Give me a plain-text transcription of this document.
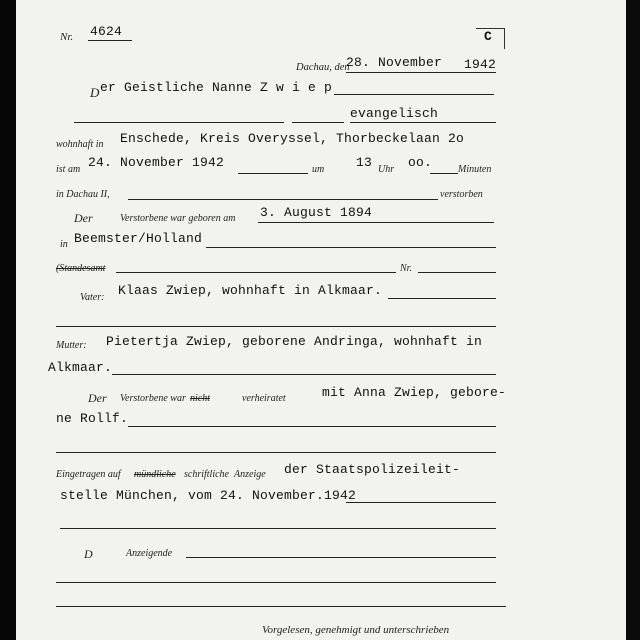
Nr. 4624	C
Dachau, den
28. November 1942
D er Geistliche Nanne Z w i e p
evangelisch
wohnhaft in Enschede, Kreis Overyssel, Thorbeckelaan 2o
ist am 24. November 1942	um 13 Uhr oo.	Minuten
in Dachau II,	verstorben
Der	Verstorbene war geboren am 3. August 1894
in Beemster/Holland
(Standesamt	Nr.
Vater: Klaas Zwiep, wohnhaft in Alkmaar.
Mutter: Pietertja Zwiep, geborene Andringa, wohnhaft in
Alkmaar.
Der Verstorbene war nicht	verheiratet	mit Anna Zwiep, gebore-
ne Rollf.
Eingetragen auf mündliche schriftliche Anzeige der Staatspolizeileit-
stelle München, vom 24. November.1942
D	Anzeigende
Vorgelesen, genehmigt und unterschrieben
